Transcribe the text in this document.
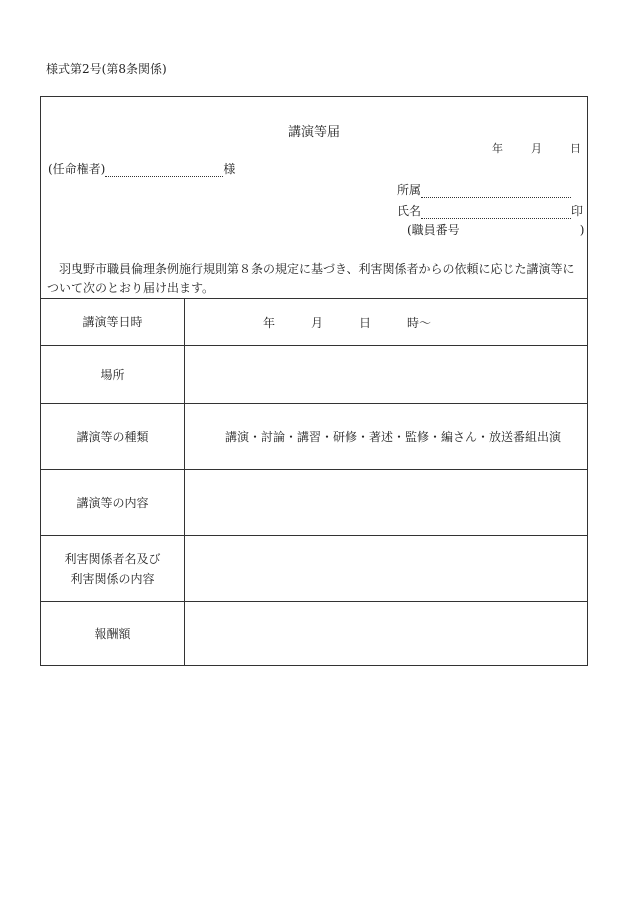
様式第2号(第8条関係)
講演等届
年	月	日
(任命権者)	様
所属
氏名	印
(職員番号	)
羽曳野市職員倫理条例施行規則第８条の規定に基づき、利害関係者からの依頼に応じた講演等について次のとおり届け出ます。
講演等日時	年	月	日	時〜
場所
講演等の種類	講演・討論・講習・研修・著述・監修・編さん・放送番組出演
講演等の内容
利害関係者名及び
利害関係の内容
報酬額
